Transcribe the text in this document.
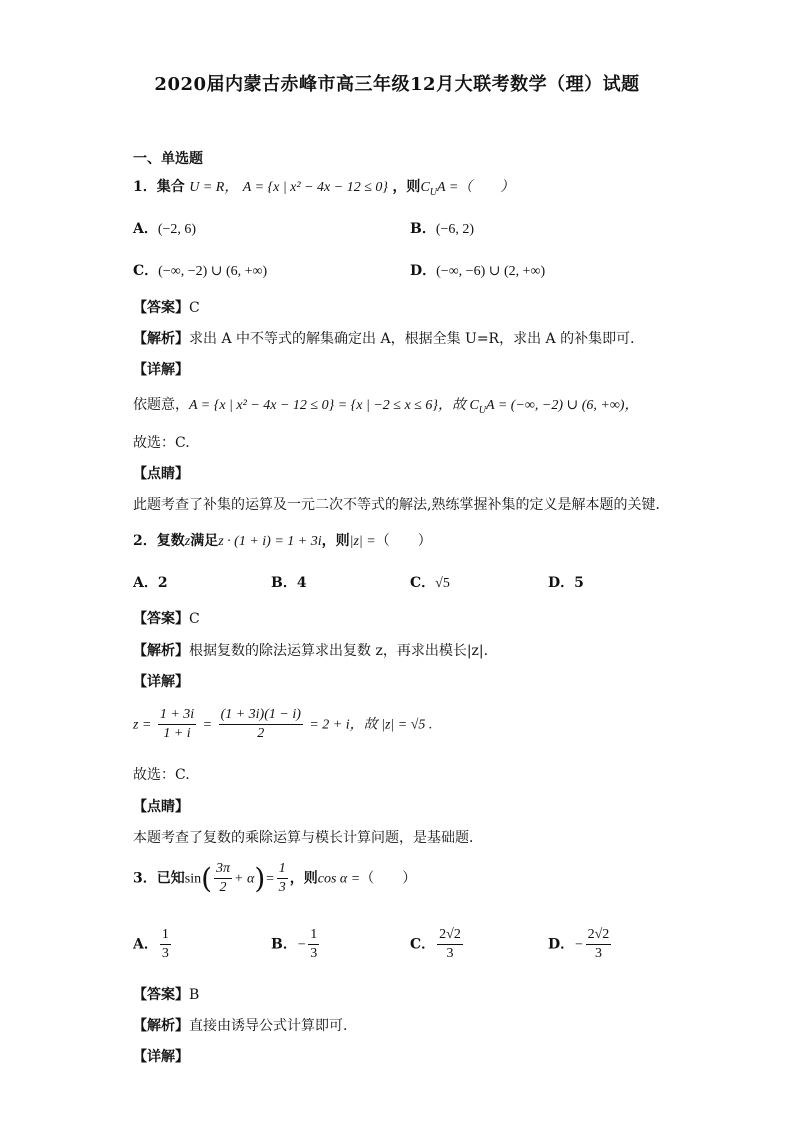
2020届内蒙古赤峰市高三年级12月大联考数学（理）试题
一、单选题
1．集合 U = R， A = {x | x² − 4x − 12 ≤ 0} ，则$C_UA$ =（　　）
A．(−2, 6)	B．(−6, 2)
C．(−∞, −2) ∪ (6, +∞)	D．(−∞, −6) ∪ (2, +∞)
【答案】C
【解析】求出 A 中不等式的解集确定出 A，根据全集 U=R，求出 A 的补集即可．
【详解】
依题意，A = {x | x² − 4x − 12 ≤ 0} = {x | −2 ≤ x ≤ 6}，故 $C_UA$ = (−∞, −2) ∪ (6, +∞)，
故选：C.
【点睛】
此题考查了补集的运算及一元二次不等式的解法,熟练掌握补集的定义是解本题的关键．
2．复数z满足z · (1 + i) = 1 + 3i，则|z| =（　　）
A．2	B．4	C．√5	D．5
【答案】C
【解析】根据复数的除法运算求出复数 z，再求出模长|z|.
【详解】
$z = \frac{1 + 3i}{1 + i} = \frac{(1 + 3i)(1 - i)}{2} = 2 + i$，故 |z| = √5 .
故选：C.
【点睛】
本题考查了复数的乘除运算与模长计算问题，是基础题．
3．已知$\sin( \frac{3\pi}{2} + \alpha)= \frac{1}{3}$ ，则cos α =（　　）
A． $\frac{1}{3}$	B．− $\frac{1}{3}$	C． $\frac{2√2}{3}$	D．− $\frac{2√2}{3}$
【答案】B
【解析】直接由诱导公式计算即可.
【详解】
